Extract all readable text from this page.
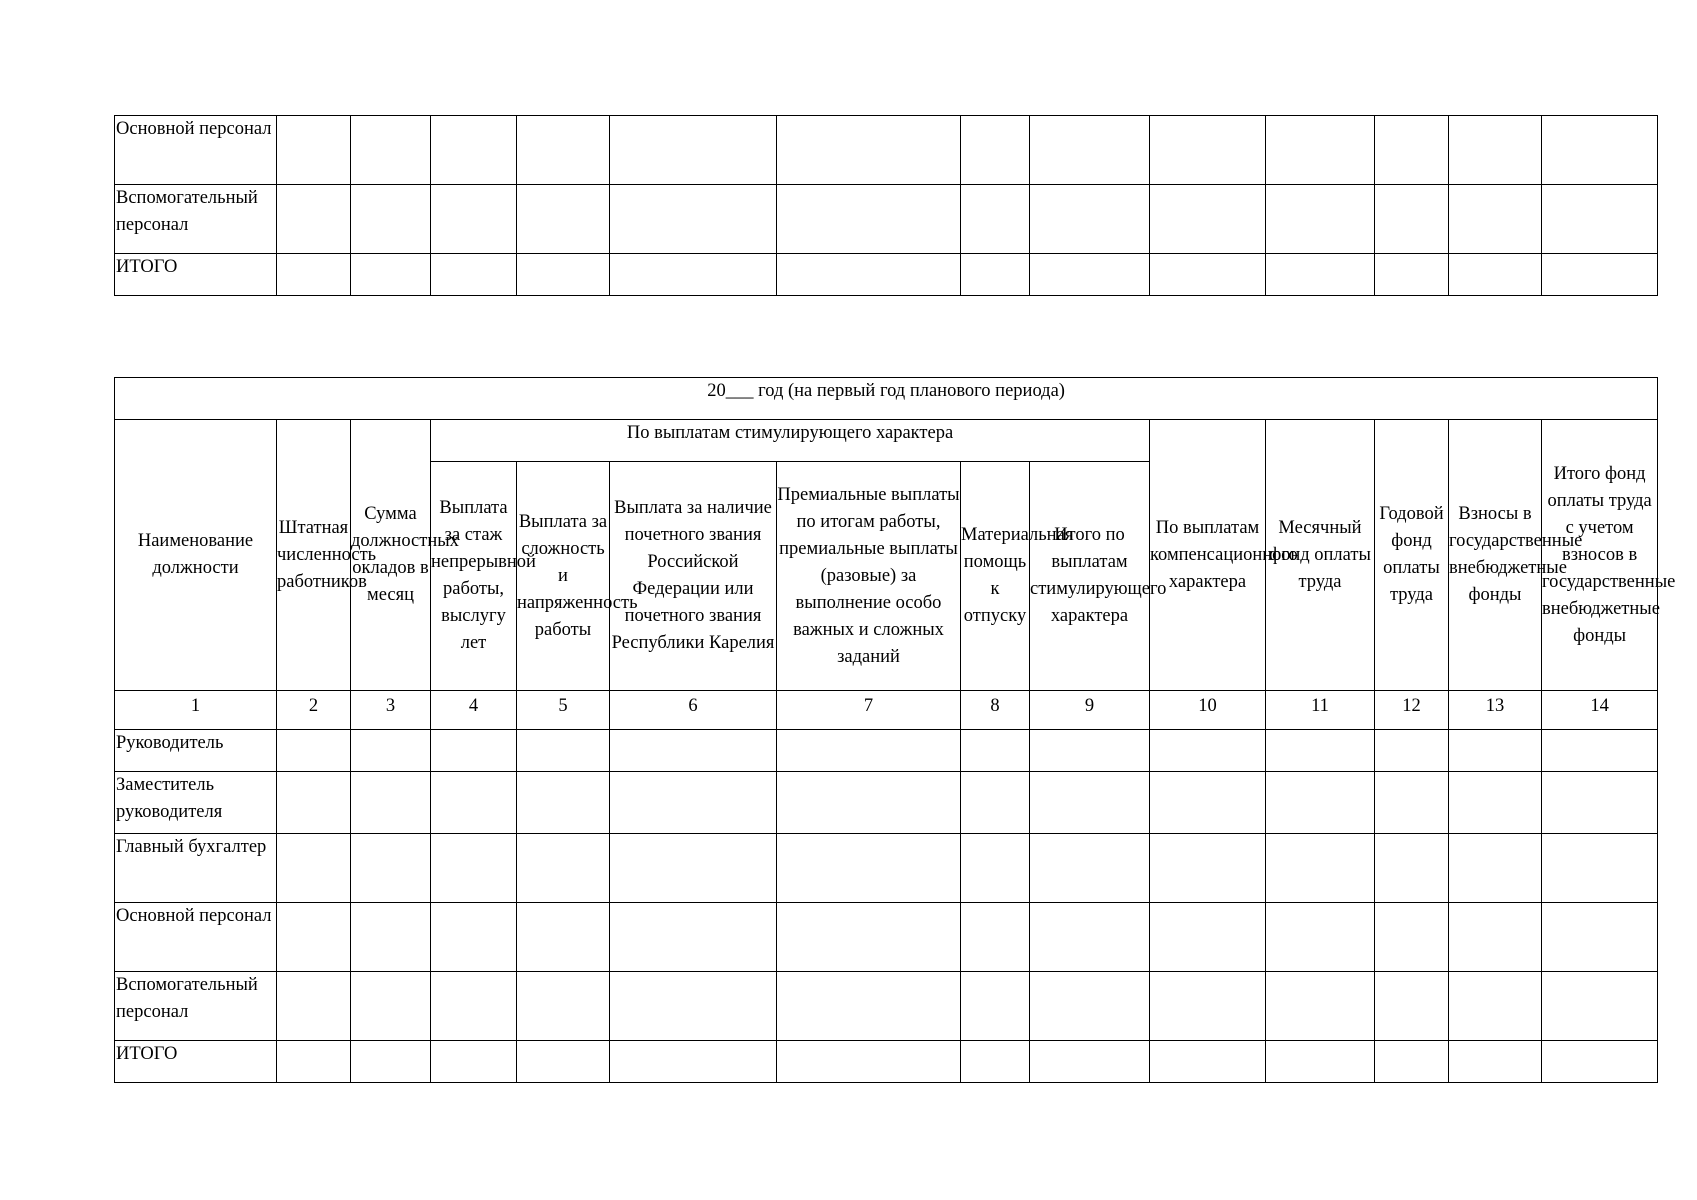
Основной персонал													
Вспомогательный персонал													
ИТОГО													
20___ год (на первый год планового периода)													
Наименование должности	Штатная численность работников	Сумма должностных окладов в месяц	По выплатам стимулирующего характера						По выплатам компенсационного характера	Месячный фонд оплаты труда	Годовой фонд оплаты труда	Взносы в государственные внебюджетные фонды	Итого фонд оплаты труда с учетом взносов в государственные внебюджетные фонды
			Выплата за стаж непрерывной работы, выслугу лет	Выплата за сложность и напряженность работы	Выплата за наличие почетного звания Российской Федерации или почетного звания Республики Карелия	Премиальные выплаты по итогам работы, премиальные выплаты (разовые) за выполнение особо важных и сложных заданий	Материальная помощь к отпуску	Итого по выплатам стимулирующего характера					
1	2	3	4	5	6	7	8	9	10	11	12	13	14
Руководитель													
Заместитель руководителя													
Главный бухгалтер													
Основной персонал													
Вспомогательный персонал													
ИТОГО													
